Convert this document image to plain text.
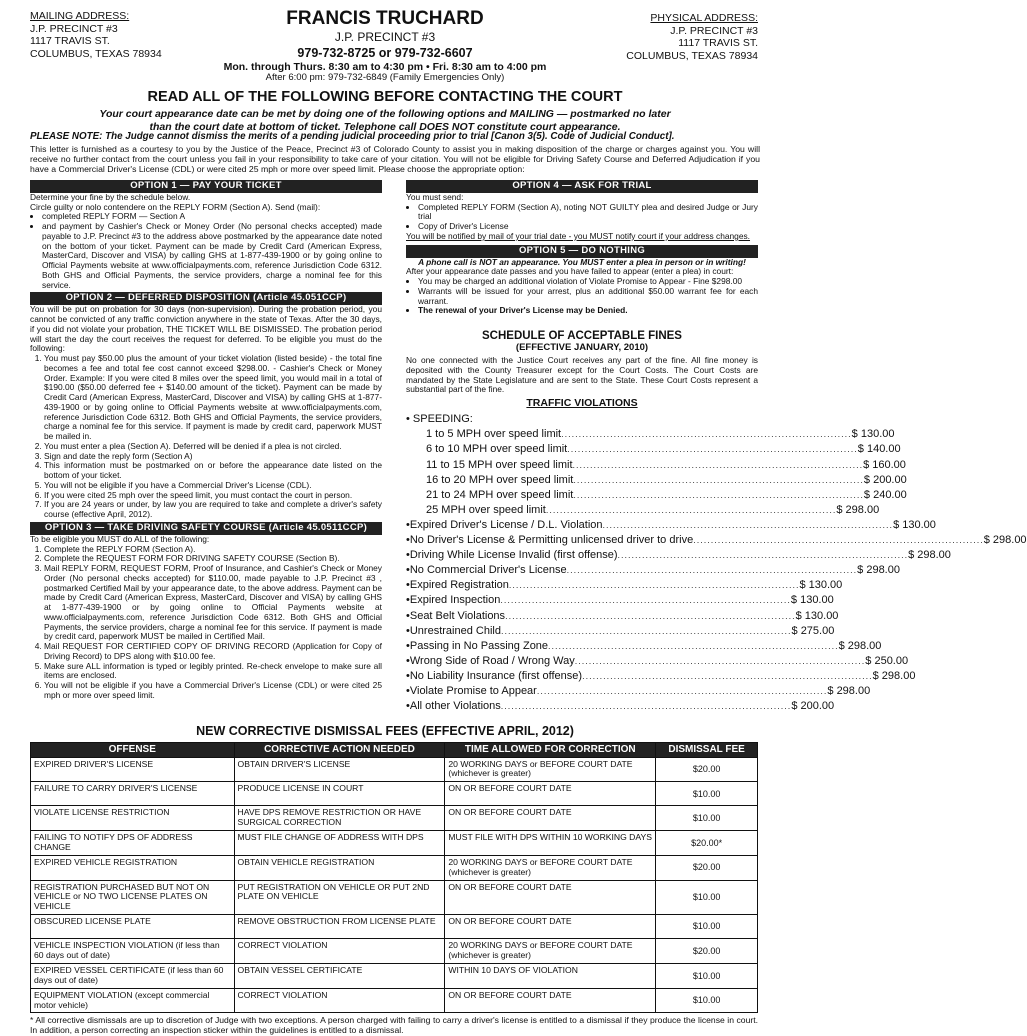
MAILING ADDRESS:
J.P. PRECINCT #3
1117 TRAVIS ST.
COLUMBUS, TEXAS 78934
FRANCIS TRUCHARD
J.P. PRECINCT #3
979-732-8725 or 979-732-6607
Mon. through Thurs. 8:30 am to 4:30 pm • Fri. 8:30 am to 4:00 pm
After 6:00 pm: 979-732-6849 (Family Emergencies Only)
PHYSICAL ADDRESS:
J.P. PRECINCT #3
1117 TRAVIS ST.
COLUMBUS, TEXAS 78934
READ ALL OF THE FOLLOWING BEFORE CONTACTING THE COURT
Your court appearance date can be met by doing one of the following options and MAILING — postmarked no later
than the court date at bottom of ticket. Telephone call DOES NOT constitute court appearance.
PLEASE NOTE: The Judge cannot dismiss the merits of a pending judicial proceeding prior to trial [Canon 3(5). Code of Judicial Conduct].
This letter is furnished as a courtesy to you by the Justice of the Peace, Precinct #3 of Colorado County to assist you in making disposition of the charge or charges against you. You will receive no further contact from the court unless you fail in your responsibility to take care of your citation. You will not be eligible for Driving Safety Course and Deferred Adjudication if you have a Commercial Driver's License (CDL) or were cited 25 mph or more over speed limit. Please choose the appropriate option:
OPTION 1 — PAY YOUR TICKET
Determine your fine by the schedule below.
Circle guilty or nolo contendere on the REPLY FORM (Section A). Send (mail):
• completed REPLY FORM — Section A
• and payment by Cashier's Check or Money Order (No personal checks accepted) made payable to J.P. Precinct #3 to the address above postmarked by the appearance date noted on the bottom of your ticket. Payment can be made by Credit Card (American Express, MasterCard, Discover and VISA) by calling GHS at 1-877-439-1900 or by going online to Official Payments website at www.officialpayments.com, reference Jurisdiction Code 6312. Both GHS and Official Payments, the service providers, charge a nominal fee for this service.
OPTION 2 — DEFERRED DISPOSITION (Article 45.051CCP)
You will be put on probation for 30 days (non-supervision). During the probation period, you cannot be convicted of any traffic conviction anywhere in the state of Texas. After the 30 days, if you did not violate your probation, THE TICKET WILL BE DISMISSED. The probation period will start the day the court receives the request for deferred. To be eligible you must do the following:
1. You must pay $50.00 plus the amount of your ticket violation (listed beside) - the total fine becomes a fee and total fee cost cannot exceed $298.00. - Cashier's Check or Money Order. Example: If you were cited 8 miles over the speed limit, you would mail in a total of $190.00 ($50.00 deferred fee + $140.00 amount of the ticket). Payment can be made by Credit Card (American Express, MasterCard, Discover and VISA) by calling GHS at 1-877-439-1900 or by going online to Official Payments website at www.officialpayments.com, reference Jurisdiction Code 6312. Both GHS and Official Payments, the service providers, charge a nominal fee for this service. If payment is made by credit card, paperwork MUST be mailed in.
2. You must enter a plea (Section A). Deferred will be denied if a plea is not circled.
3. Sign and date the reply form (Section A)
4. This information must be postmarked on or before the appearance date listed on the bottom of your ticket.
5. You will not be eligible if you have a Commercial Driver's License (CDL).
6. If you were cited 25 mph over the speed limit, you must contact the court in person.
7. If you are 24 years or under, by law you are required to take and complete a driver's safety course (effective April, 2012).
OPTION 3 — TAKE DRIVING SAFETY COURSE (Article 45.0511CCP)
To be eligible you MUST do ALL of the following:
1. Complete the REPLY FORM (Section A).
2. Complete the REQUEST FORM FOR DRIVING SAFETY COURSE (Section B).
3. Mail REPLY FORM, REQUEST FORM, Proof of Insurance, and Cashier's Check or Money Order (No personal checks accepted) for $110.00, made payable to J.P. Precinct #3 , postmarked Certified Mail by your appearance date, to the above address. Payment can be made by Credit Card (American Express, MasterCard, Discover and VISA) by calling GHS at 1-877-439-1900 or by going online to Official Payments website at www.officialpayments.com, reference Jurisdiction Code 6312. Both GHS and Official Payments, the service providers, charge a nominal fee for this service. If payment is made by credit card, paperwork MUST be mailed in Certified Mail.
4. Mail REQUEST FOR CERTIFIED COPY OF DRIVING RECORD (Application for Copy of Driving Record) to DPS along with $10.00 fee.
5. Make sure ALL information is typed or legibly printed. Re-check envelope to make sure all items are enclosed.
6. You will not be eligible if you have a Commercial Driver's License (CDL) or were cited 25 mph or more over speed limit.
OPTION 4 — ASK FOR TRIAL
You must send:
• Completed REPLY FORM (Section A), noting NOT GUILTY plea and desired Judge or Jury trial
• Copy of Driver's License
You will be notified by mail of your trial date - you MUST notify court if your address changes.
OPTION 5 — DO NOTHING
A phone call is NOT an appearance. You MUST enter a plea in person or in writing!
After your appearance date passes and you have failed to appear (enter a plea) in court:
• You may be charged an additional violation of Violate Promise to Appear - Fine $298.00
• Warrants will be issued for your arrest, plus an additional $50.00 warrant fee for each warrant.
• The renewal of your Driver's License may be Denied.
SCHEDULE OF ACCEPTABLE FINES
(EFFECTIVE JANUARY, 2010)
No one connected with the Justice Court receives any part of the fine. All fine money is deposited with the County Treasurer except for the Court Costs. The Court Costs are mandated by the State Legislature and are sent to the State. These Court Costs represent a substantial part of the fine.
TRAFFIC VIOLATIONS
• SPEEDING:
1 to 5 MPH over speed limit ................................................................................... $ 130.00
6 to 10 MPH over speed limit ................................................................................... $ 140.00
11 to 15 MPH over speed limit ................................................................................... $ 160.00
16 to 20 MPH over speed limit ................................................................................... $ 200.00
21 to 24 MPH over speed limit ................................................................................... $ 240.00
25 MPH over speed limit ................................................................................... $ 298.00
• Expired Driver's License / D.L. Violation ................................................................................... $ 130.00
• No Driver's License & Permitting unlicensed driver to drive ................................................................................... $ 298.00
• Driving While License Invalid (first offense) ................................................................................... $ 298.00
• No Commercial Driver's License ................................................................................... $ 298.00
• Expired Registration ................................................................................... $ 130.00
• Expired Inspection ................................................................................... $ 130.00
• Seat Belt Violations ................................................................................... $ 130.00
• Unrestrained Child ................................................................................... $ 275.00
• Passing in No Passing Zone ................................................................................... $ 298.00
• Wrong Side of Road / Wrong Way ................................................................................... $ 250.00
• No Liability Insurance (first offense) ................................................................................... $ 298.00
• Violate Promise to Appear ................................................................................... $ 298.00
• All other Violations ................................................................................... $ 200.00
NEW CORRECTIVE DISMISSAL FEES (EFFECTIVE APRIL, 2012)
OFFENSE	CORRECTIVE ACTION NEEDED	TIME ALLOWED FOR CORRECTION	DISMISSAL FEE
EXPIRED DRIVER'S LICENSE	OBTAIN DRIVER'S LICENSE	20 WORKING DAYS or BEFORE COURT DATE (whichever is greater)	$20.00
FAILURE TO CARRY DRIVER'S LICENSE	PRODUCE LICENSE IN COURT	ON OR BEFORE COURT DATE	$10.00
VIOLATE LICENSE RESTRICTION	HAVE DPS REMOVE RESTRICTION OR HAVE SURGICAL CORRECTION	ON OR BEFORE COURT DATE	$10.00
FAILING TO NOTIFY DPS OF ADDRESS CHANGE	MUST FILE CHANGE OF ADDRESS WITH DPS	MUST FILE WITH DPS WITHIN 10 WORKING DAYS	$20.00*
EXPIRED VEHICLE REGISTRATION	OBTAIN VEHICLE REGISTRATION	20 WORKING DAYS or BEFORE COURT DATE (whichever is greater)	$20.00
REGISTRATION PURCHASED BUT NOT ON VEHICLE or NO TWO LICENSE PLATES ON VEHICLE	PUT REGISTRATION ON VEHICLE OR PUT 2ND PLATE ON VEHICLE	ON OR BEFORE COURT DATE	$10.00
OBSCURED LICENSE PLATE	REMOVE OBSTRUCTION FROM LICENSE PLATE	ON OR BEFORE COURT DATE	$10.00
VEHICLE INSPECTION VIOLATION (if less than 60 days out of date)	CORRECT VIOLATION	20 WORKING DAYS or BEFORE COURT DATE (whichever is greater)	$20.00
EXPIRED VESSEL CERTIFICATE (if less than 60 days out of date)	OBTAIN VESSEL CERTIFICATE	WITHIN 10 DAYS OF VIOLATION	$10.00
EQUIPMENT VIOLATION (except commercial motor vehicle)	CORRECT VIOLATION	ON OR BEFORE COURT DATE	$10.00
* All corrective dismissals are up to discretion of Judge with two exceptions. A person charged with failing to carry a driver's license is entitled to a dismissal if they produce the license in court. In addition, a person correcting an inspection sticker within the guidelines is entitled to a dismissal.
